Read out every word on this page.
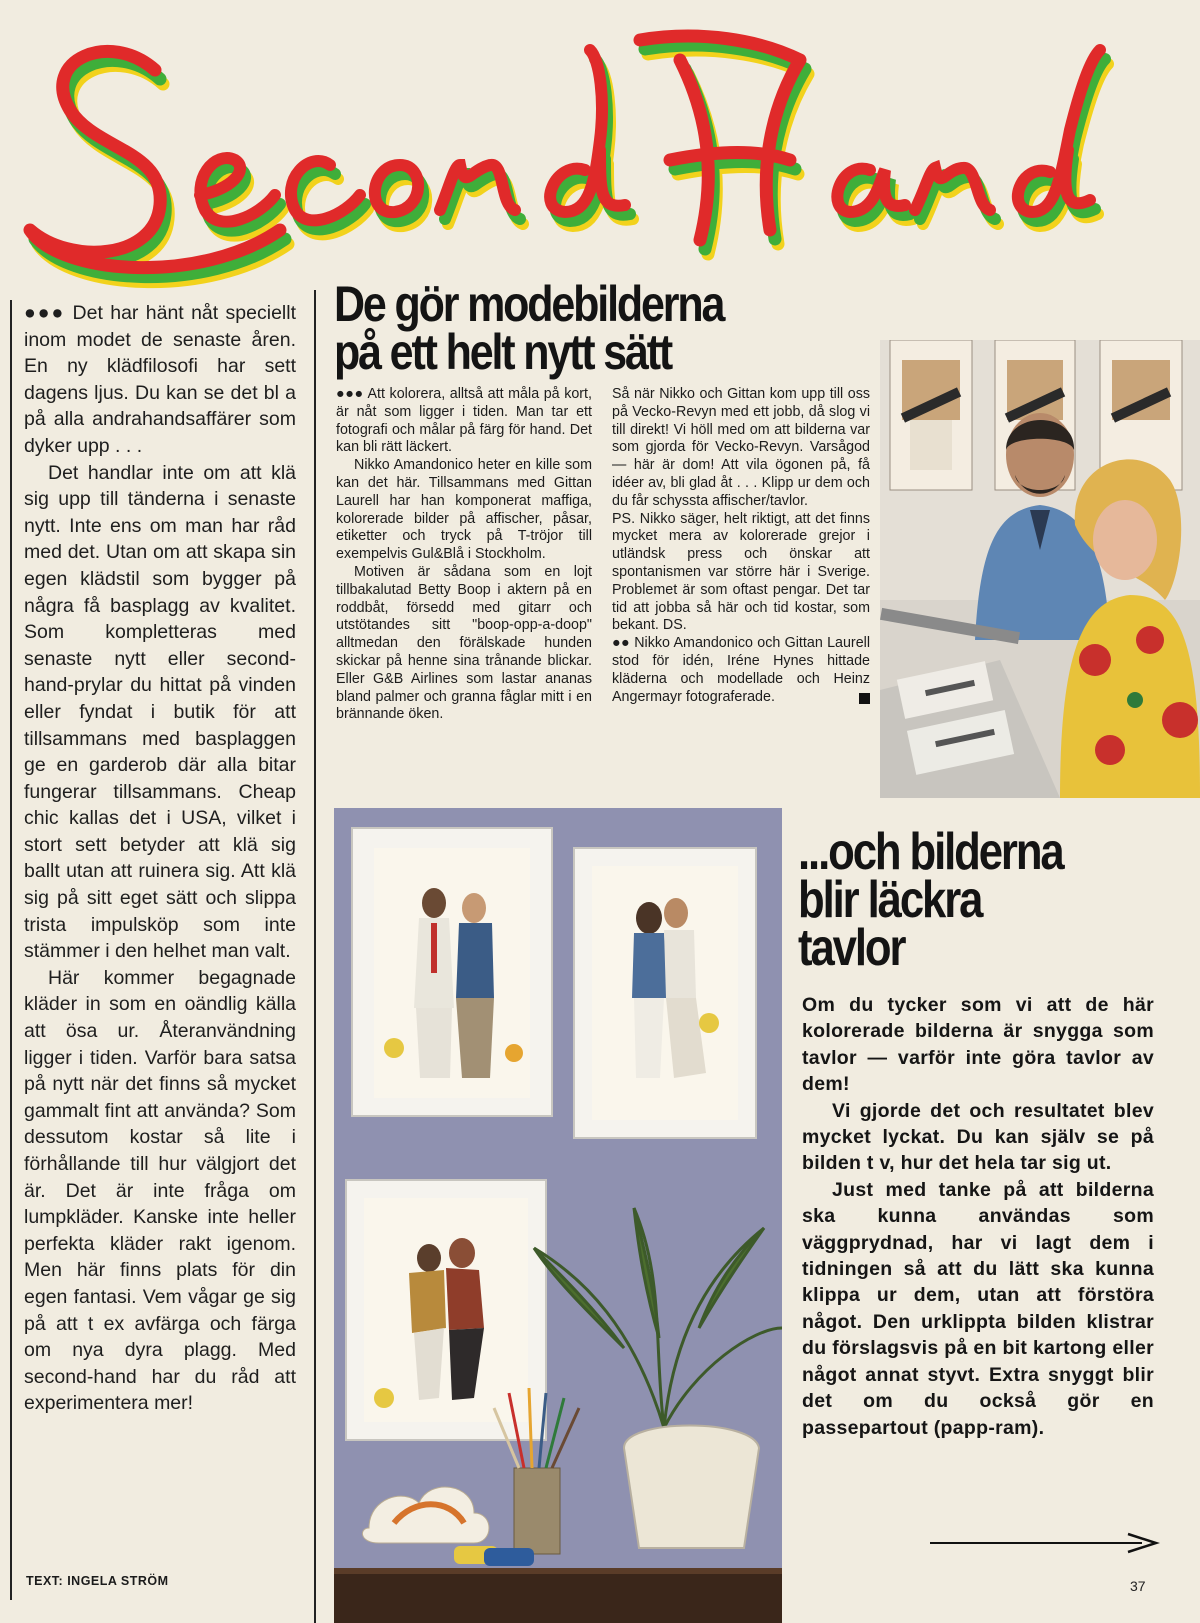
●●● Det har hänt nåt speciellt inom modet de senaste åren. En ny klädfilosofi har sett dagens ljus. Du kan se det bl a på alla andrahandsaffärer som dyker upp . . .

Det handlar inte om att klä sig upp till tänderna i senaste nytt. Inte ens om man har råd med det. Utan om att skapa sin egen klädstil som bygger på några få basplagg av kvalitet. Som kompletteras med senaste nytt eller second-hand-prylar du hittat på vinden eller fyndat i butik för att tillsammans med basplaggen ge en garderob där alla bitar fungerar tillsammans. Cheap chic kallas det i USA, vilket i stort sett betyder att klä sig ballt utan att ruinera sig. Att klä sig på sitt eget sätt och slippa trista impulsköp som inte stämmer i den helhet man valt.

Här kommer begagnade kläder in som en oändlig källa att ösa ur. Återanvändning ligger i tiden. Varför bara satsa på nytt när det finns så mycket gammalt fint att använda? Som dessutom kostar så lite i förhållande till hur välgjort det är. Det är inte fråga om lumpkläder. Kanske inte heller perfekta kläder rakt igenom. Men här finns plats för din egen fantasi. Vem vågar ge sig på att t ex avfärga och färga om nya dyra plagg. Med second-hand har du råd att experimentera mer!

TEXT: INGELA STRÖM
De gör modebilderna
på ett helt nytt sätt

●●● Att kolorera, alltså att måla på kort, är nåt som ligger i tiden. Man tar ett fotografi och målar på färg för hand. Det kan bli rätt läckert.

Nikko Amandonico heter en kille som kan det här. Tillsammans med Gittan Laurell har han komponerat maffiga, kolorerade bilder på affischer, påsar, etiketter och tryck på T-tröjor till exempelvis Gul&Blå i Stockholm.

Motiven är sådana som en lojt tillbakalutad Betty Boop i aktern på en roddbåt, försedd med gitarr och utstötandes sitt "boop-opp-a-doop" alltmedan den förälskade hunden skickar på henne sina trånande blickar. Eller G&B Airlines som lastar ananas bland palmer och granna fåglar mitt i en brännande öken.

Så när Nikko och Gittan kom upp till oss på Vecko-Revyn med ett jobb, då slog vi till direkt! Vi höll med om att bilderna var som gjorda för Vecko-Revyn. Varsågod — här är dom! Att vila ögonen på, få idéer av, bli glad åt . . . Klipp ur dem och du får schyssta affischer/tavlor.

PS. Nikko säger, helt riktigt, att det finns mycket mera av kolorerade grejor i utländsk press och önskar att spontanismen var större här i Sverige. Problemet är som oftast pengar. Det tar tid att jobba så här och tid kostar, som bekant. DS.

●● Nikko Amandonico och Gittan Laurell stod för idén, Iréne Hynes hittade kläderna och modellade och Heinz Angermayr fotograferade.

...och bilderna
blir läckra
tavlor

Om du tycker som vi att de här kolorerade bilderna är snygga som tavlor — varför inte göra tavlor av dem!

Vi gjorde det och resultatet blev mycket lyckat. Du kan själv se på bilden t v, hur det hela tar sig ut.

Just med tanke på att bilderna ska kunna användas som väggprydnad, har vi lagt dem i tidningen så att du lätt ska kunna klippa ur dem, utan att förstöra något. Den urklippta bilden klistrar du förslagsvis på en bit kartong eller något annat styvt. Extra snyggt blir det om du också gör en passepartout (papp-ram).

37
